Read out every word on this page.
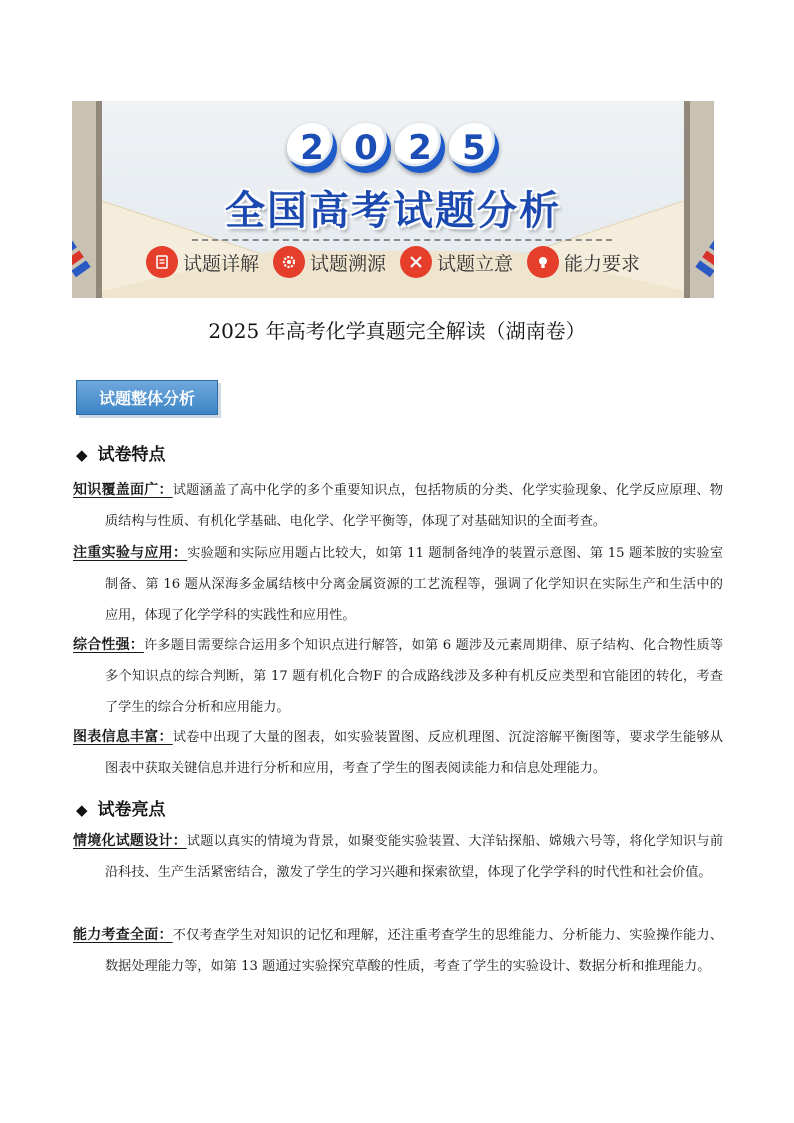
2 0 2 5
全国高考试题分析
试题详解	试题溯源	试题立意	能力要求
2025 年高考化学真题完全解读（湖南卷）
试题整体分析
◆ 试卷特点
知识覆盖面广：试题涵盖了高中化学的多个重要知识点，包括物质的分类、化学实验现象、化学反应原理、物质结构与性质、有机化学基础、电化学、化学平衡等，体现了对基础知识的全面考查。
注重实验与应用：实验题和实际应用题占比较大，如第 11 题制备纯净的装置示意图、第 15 题苯胺的实验室制备、第 16 题从深海多金属结核中分离金属资源的工艺流程等，强调了化学知识在实际生产和生活中的应用，体现了化学学科的实践性和应用性。
综合性强：许多题目需要综合运用多个知识点进行解答，如第 6 题涉及元素周期律、原子结构、化合物性质等多个知识点的综合判断，第 17 题有机化合物F 的合成路线涉及多种有机反应类型和官能团的转化，考查了学生的综合分析和应用能力。
图表信息丰富：试卷中出现了大量的图表，如实验装置图、反应机理图、沉淀溶解平衡图等，要求学生能够从图表中获取关键信息并进行分析和应用，考查了学生的图表阅读能力和信息处理能力。
◆ 试卷亮点
情境化试题设计：试题以真实的情境为背景，如聚变能实验装置、大洋钻探船、嫦娥六号等，将化学知识与前沿科技、生产生活紧密结合，激发了学生的学习兴趣和探索欲望，体现了化学学科的时代性和社会价值。
能力考查全面：不仅考查学生对知识的记忆和理解，还注重考查学生的思维能力、分析能力、实验操作能力、数据处理能力等，如第 13 题通过实验探究草酸的性质，考查了学生的实验设计、数据分析和推理能力。
